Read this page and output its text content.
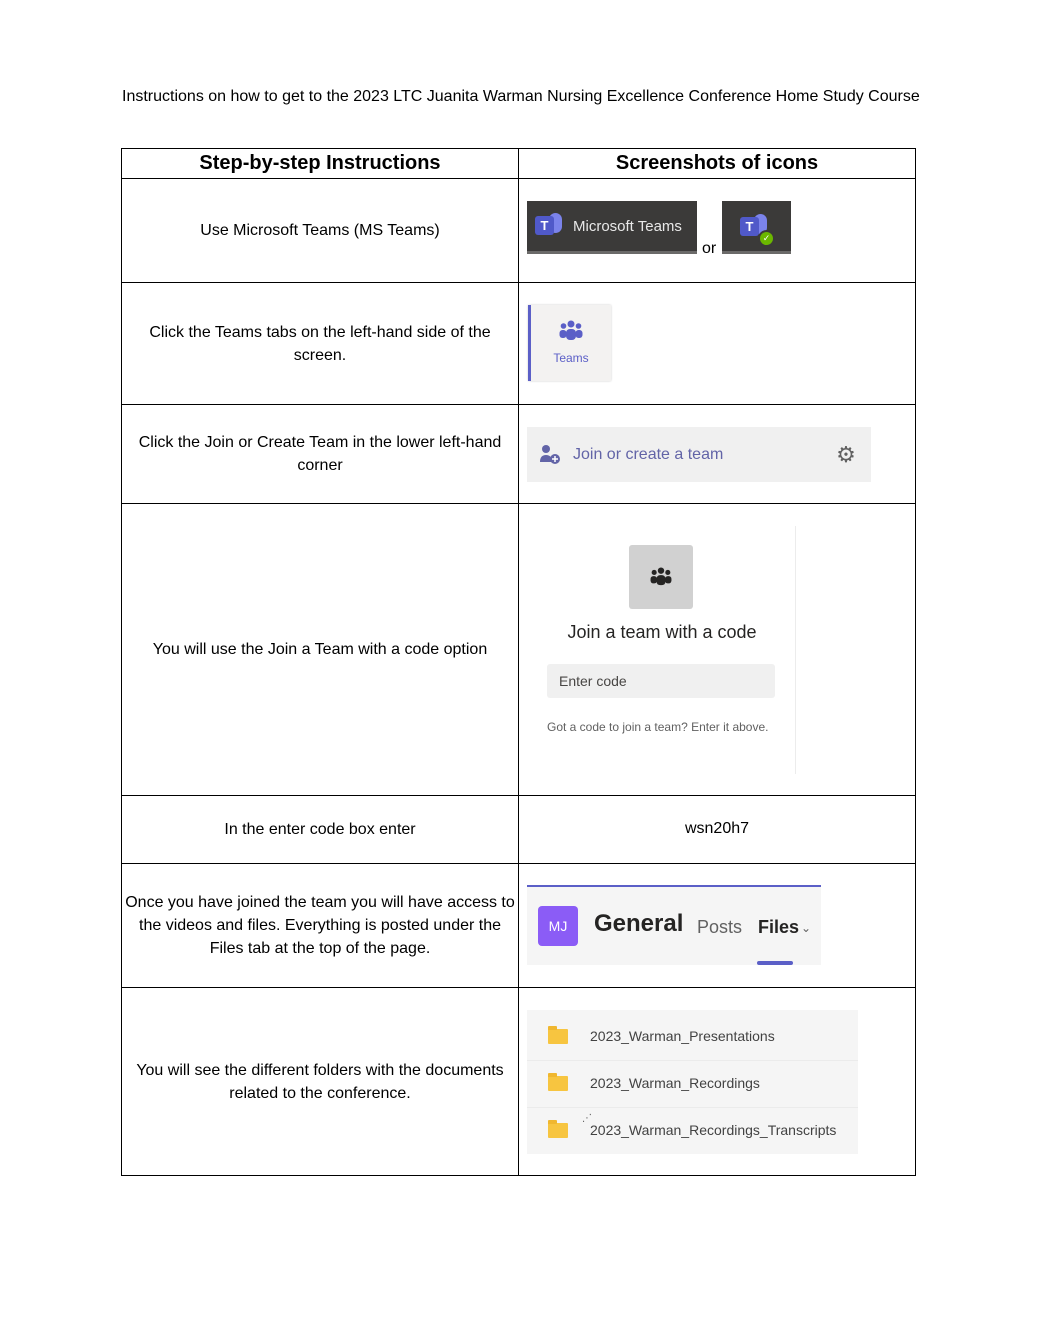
Instructions on how to get to the 2023 LTC Juanita Warman Nursing Excellence Conference Home Study Course

Step-by-step Instructions	Screenshots of icons
Use Microsoft Teams (MS Teams)	T Microsoft Teams
or
T
✓

Click the Teams tabs on the left-hand side of the screen.	Teams

Click the Join or Create Team in the lower left-hand corner	Join or create a team ⚙

You will use the Join a Team with a code option	Join a team with a code
Enter code
Got a code to join a team? Enter it above.

In the enter code box enter	wsn20h7

Once you have joined the team you will have access to the videos and files. Everything is posted under the Files tab at the top of the page.	MJ General Posts Files ⌄

You will see the different folders with the documents related to the conference.	2023_Warman_Presentations
2023_Warman_Recordings
⋰
2023_Warman_Recordings_Transcripts
